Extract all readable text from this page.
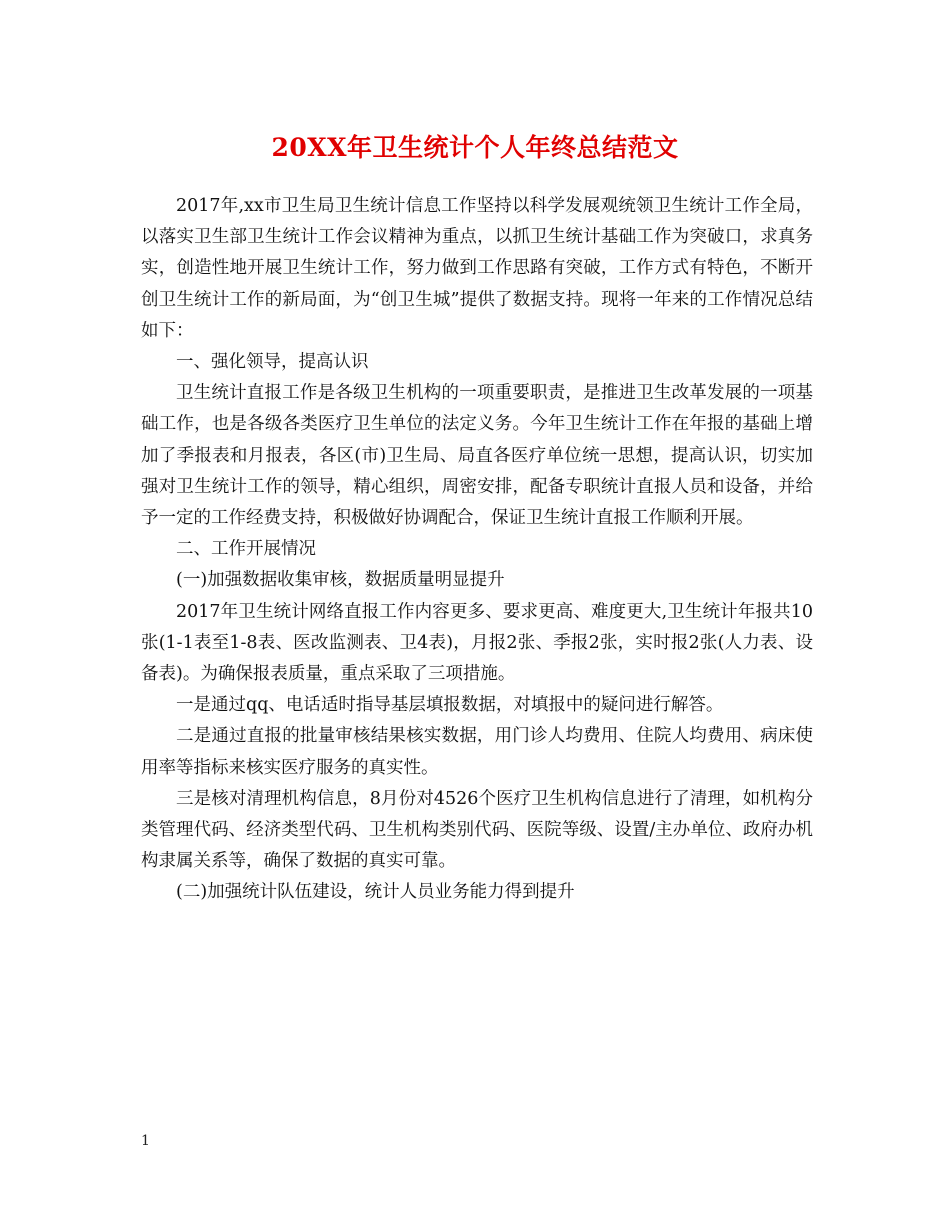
20XX年卫生统计个人年终总结范文

2017年,xx市卫生局卫生统计信息工作坚持以科学发展观统领卫生统计工作全局，以落实卫生部卫生统计工作会议精神为重点，以抓卫生统计基础工作为突破口，求真务实，创造性地开展卫生统计工作，努力做到工作思路有突破，工作方式有特色，不断开创卫生统计工作的新局面，为“创卫生城”提供了数据支持。现将一年来的工作情况总结如下：

一、强化领导，提高认识

卫生统计直报工作是各级卫生机构的一项重要职责，是推进卫生改革发展的一项基础工作，也是各级各类医疗卫生单位的法定义务。今年卫生统计工作在年报的基础上增加了季报表和月报表，各区(市)卫生局、局直各医疗单位统一思想，提高认识，切实加强对卫生统计工作的领导，精心组织，周密安排，配备专职统计直报人员和设备，并给予一定的工作经费支持，积极做好协调配合，保证卫生统计直报工作顺利开展。

二、工作开展情况

(一)加强数据收集审核，数据质量明显提升

2017年卫生统计网络直报工作内容更多、要求更高、难度更大,卫生统计年报共10张(1-1表至1-8表、医改监测表、卫4表)，月报2张、季报2张，实时报2张(人力表、设备表)。为确保报表质量，重点采取了三项措施。

一是通过qq、电话适时指导基层填报数据，对填报中的疑问进行解答。

二是通过直报的批量审核结果核实数据，用门诊人均费用、住院人均费用、病床使用率等指标来核实医疗服务的真实性。

三是核对清理机构信息，8月份对4526个医疗卫生机构信息进行了清理，如机构分类管理代码、经济类型代码、卫生机构类别代码、医院等级、设置/主办单位、政府办机构隶属关系等，确保了数据的真实可靠。

(二)加强统计队伍建设，统计人员业务能力得到提升

1
